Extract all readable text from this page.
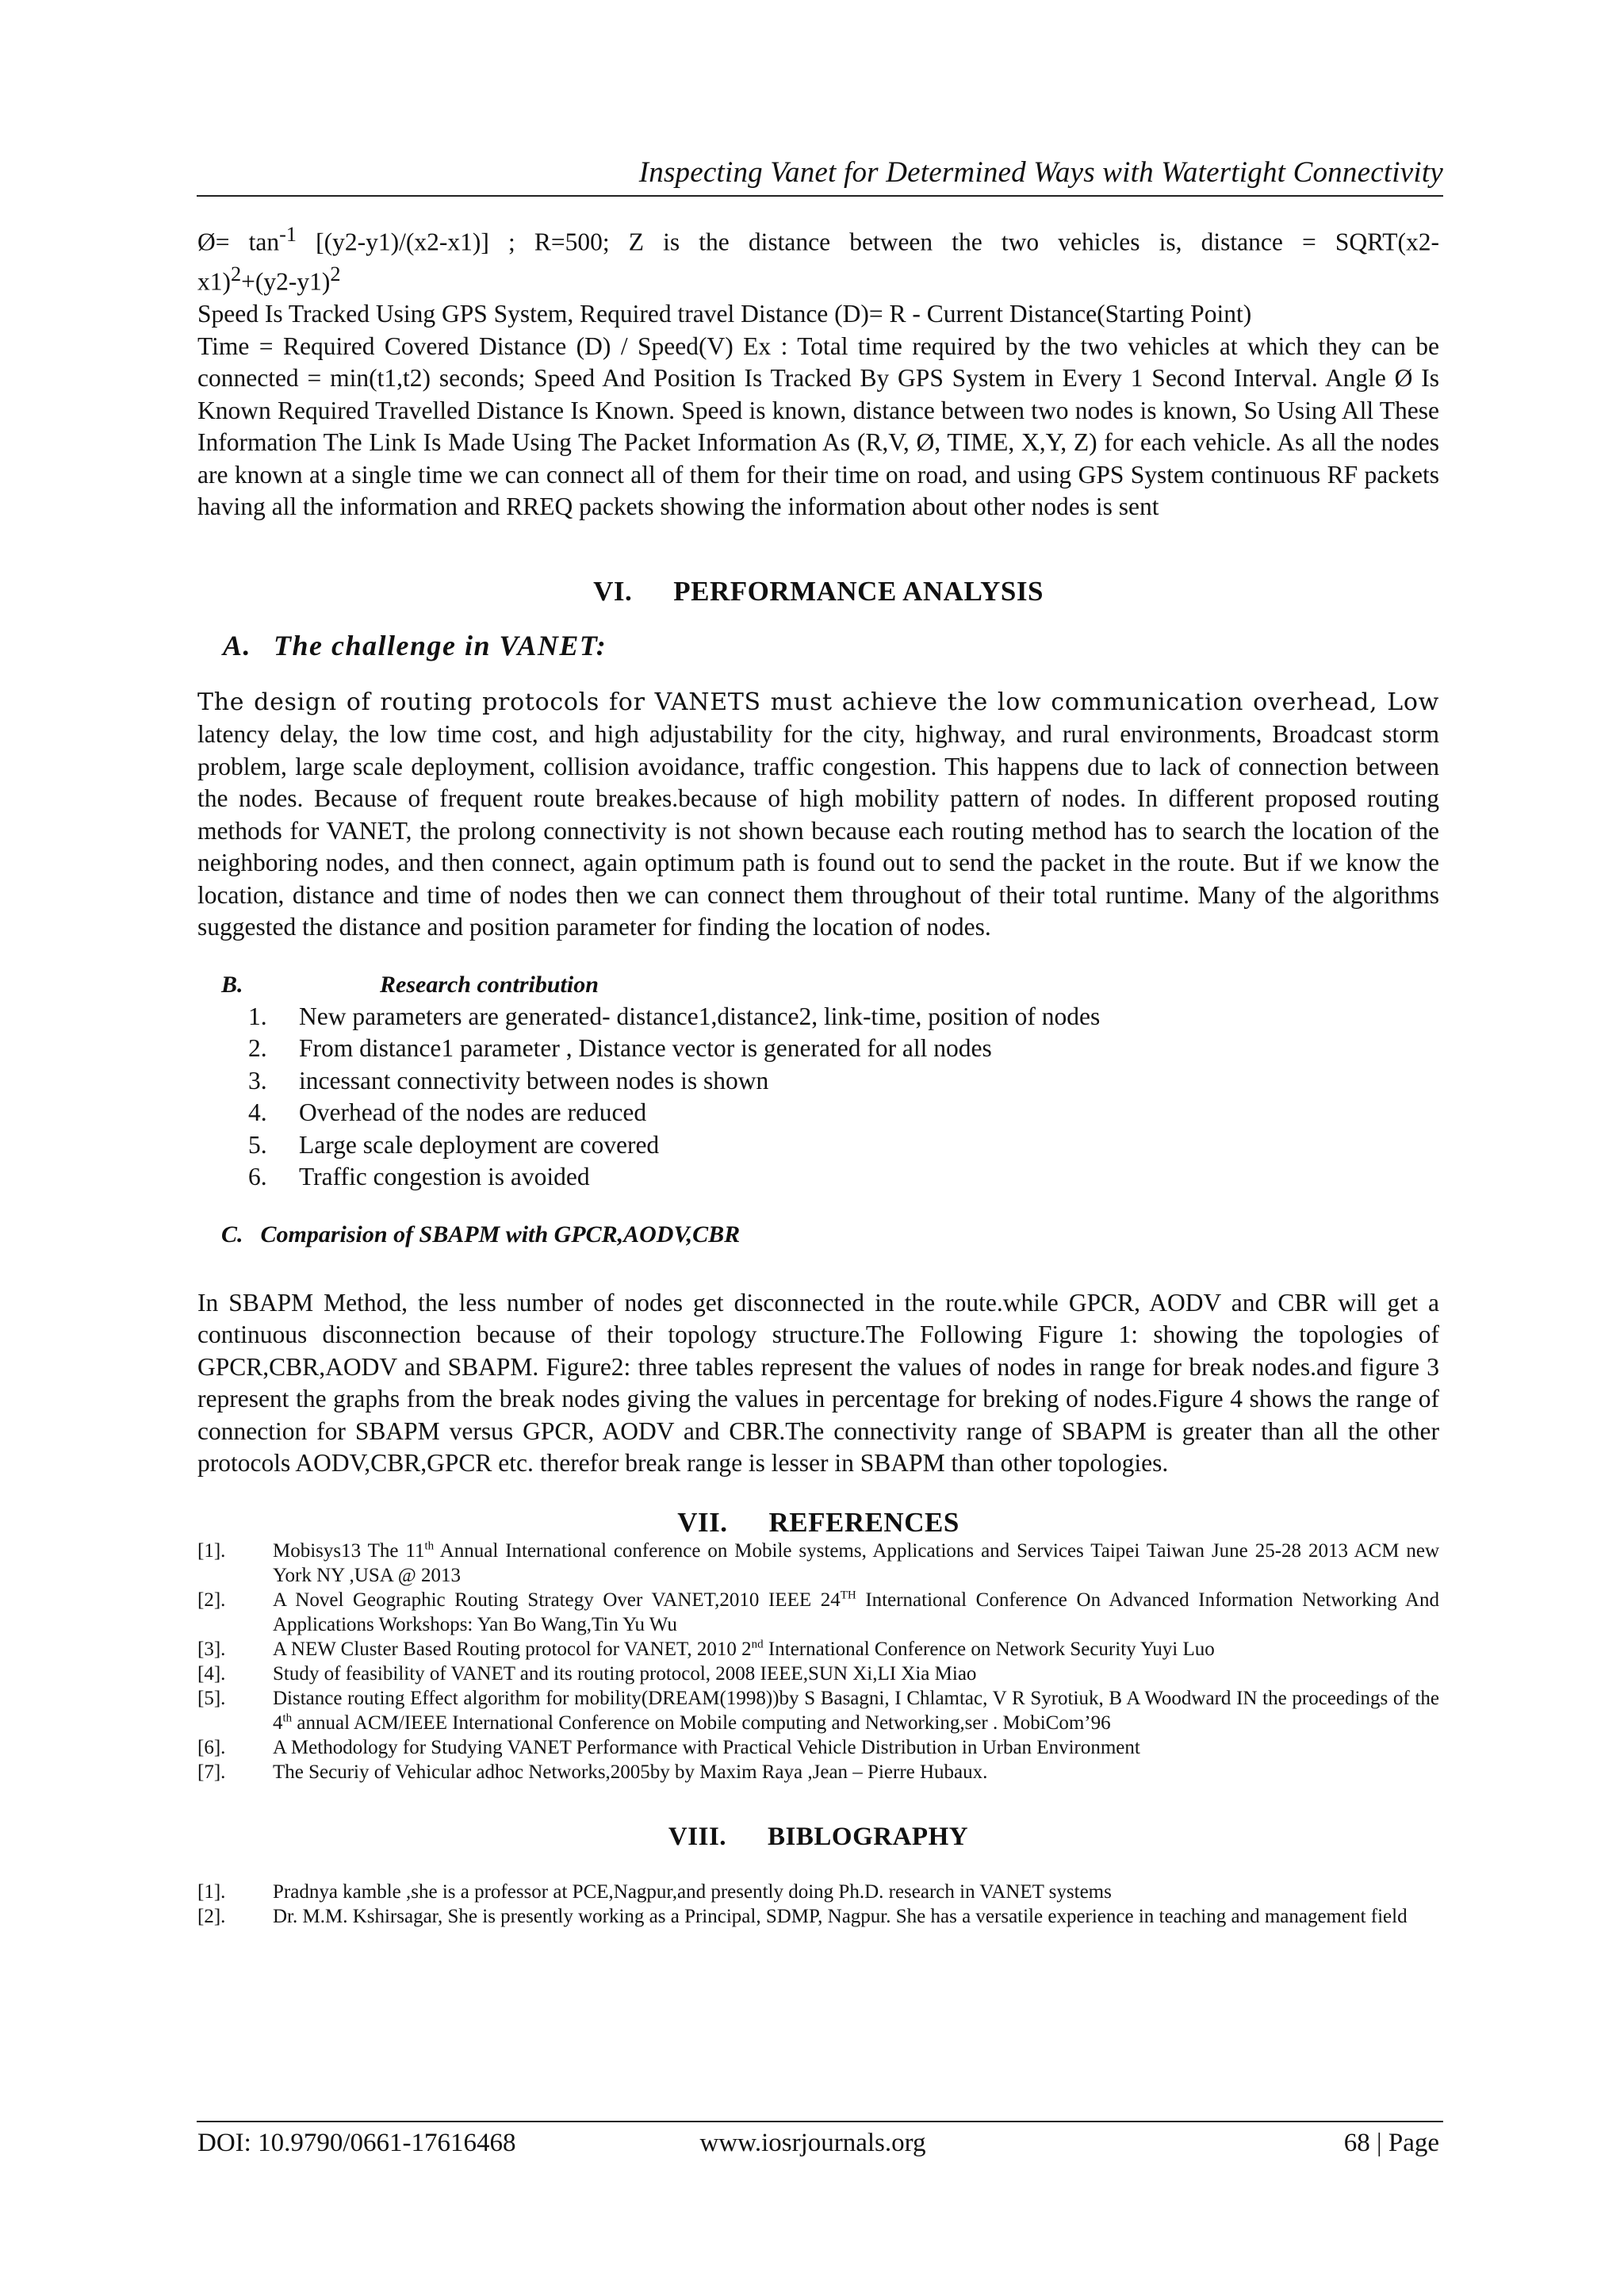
Inspecting Vanet for Determined Ways with Watertight Connectivity
Ø= $\tan^{-1} [(y2-y1)/(x2-x1)]$ ; R=500; Z is the distance between the two vehicles is, distance = SQRT(x2-
$x1)^2+(y2-y1)^2$
Speed Is Tracked Using GPS System, Required travel Distance (D)= R - Current Distance(Starting Point)

Time = Required Covered Distance (D) / Speed(V) Ex : Total time required by the two vehicles at which they can be connected = min(t1,t2) seconds; Speed And Position Is Tracked By GPS System in Every 1 Second Interval. Angle Ø Is Known Required Travelled Distance Is Known. Speed is known, distance between two nodes is known, So Using All These Information The Link Is Made Using The Packet Information As (R,V, Ø, TIME, X,Y, Z) for each vehicle. As all the nodes are known at a single time we can connect all of them for their time on road, and using GPS System continuous RF packets having all the information and RREQ packets showing the information about other nodes is sent

VI. PERFORMANCE ANALYSIS
A. The challenge in VANET:
The design of routing protocols for VANETS must achieve the low communication overhead, Low
latency delay, the low time cost, and high adjustability for the city, highway, and rural environments, Broadcast storm problem, large scale deployment, collision avoidance, traffic congestion. This happens due to lack of connection between the nodes. Because of frequent route breakes.because of high mobility pattern of nodes. In different proposed routing methods for VANET, the prolong connectivity is not shown because each routing method has to search the location of the neighboring nodes, and then connect, again optimum path is found out to send the packet in the route. But if we know the location, distance and time of nodes then we can connect them throughout of their total runtime. Many of the algorithms suggested the distance and position parameter for finding the location of nodes.
B.	Research contribution
1. New parameters are generated- distance1,distance2, link-time, position of nodes
2. From distance1 parameter , Distance vector is generated for all nodes
3. incessant connectivity between nodes is shown
4. Overhead of the nodes are reduced
5. Large scale deployment are covered
6. Traffic congestion is avoided
C. Comparision of SBAPM with GPCR,AODV,CBR

In SBAPM Method, the less number of nodes get disconnected in the route.while GPCR, AODV and CBR will get a continuous disconnection because of their topology structure.The Following Figure 1: showing the topologies of GPCR,CBR,AODV and SBAPM. Figure2: three tables represent the values of nodes in range for break nodes.and figure 3 represent the graphs from the break nodes giving the values in percentage for breking of nodes.Figure 4 shows the range of connection for SBAPM versus GPCR, AODV and CBR.The connectivity range of SBAPM is greater than all the other protocols AODV,CBR,GPCR etc. therefor break range is lesser in SBAPM than other topologies.

VII. REFERENCES
[1]. Mobisys13 The 11th Annual International conference on Mobile systems, Applications and Services Taipei Taiwan June 25-28 2013 ACM new York NY ,USA @ 2013
[2]. A Novel Geographic Routing Strategy Over VANET,2010 IEEE 24TH International Conference On Advanced Information Networking And Applications Workshops: Yan Bo Wang,Tin Yu Wu
[3]. A NEW Cluster Based Routing protocol for VANET, 2010 2nd International Conference on Network Security Yuyi Luo
[4]. Study of feasibility of VANET and its routing protocol, 2008 IEEE,SUN Xi,LI Xia Miao
[5]. Distance routing Effect algorithm for mobility(DREAM(1998))by S Basagni, I Chlamtac, V R Syrotiuk, B A Woodward IN the proceedings of the 4th annual ACM/IEEE International Conference on Mobile computing and Networking,ser . MobiCom’96
[6]. A Methodology for Studying VANET Performance with Practical Vehicle Distribution in Urban Environment
[7]. The Securiy of Vehicular adhoc Networks,2005by by Maxim Raya ,Jean – Pierre Hubaux.
VIII. BIBLOGRAPHY
[1]. Pradnya kamble ,she is a professor at PCE,Nagpur,and presently doing Ph.D. research in VANET systems
[2]. Dr. M.M. Kshirsagar, She is presently working as a Principal, SDMP, Nagpur. She has a versatile experience in teaching and management field
DOI: 10.9790/0661-17616468	www.iosrjournals.org	68 | Page
